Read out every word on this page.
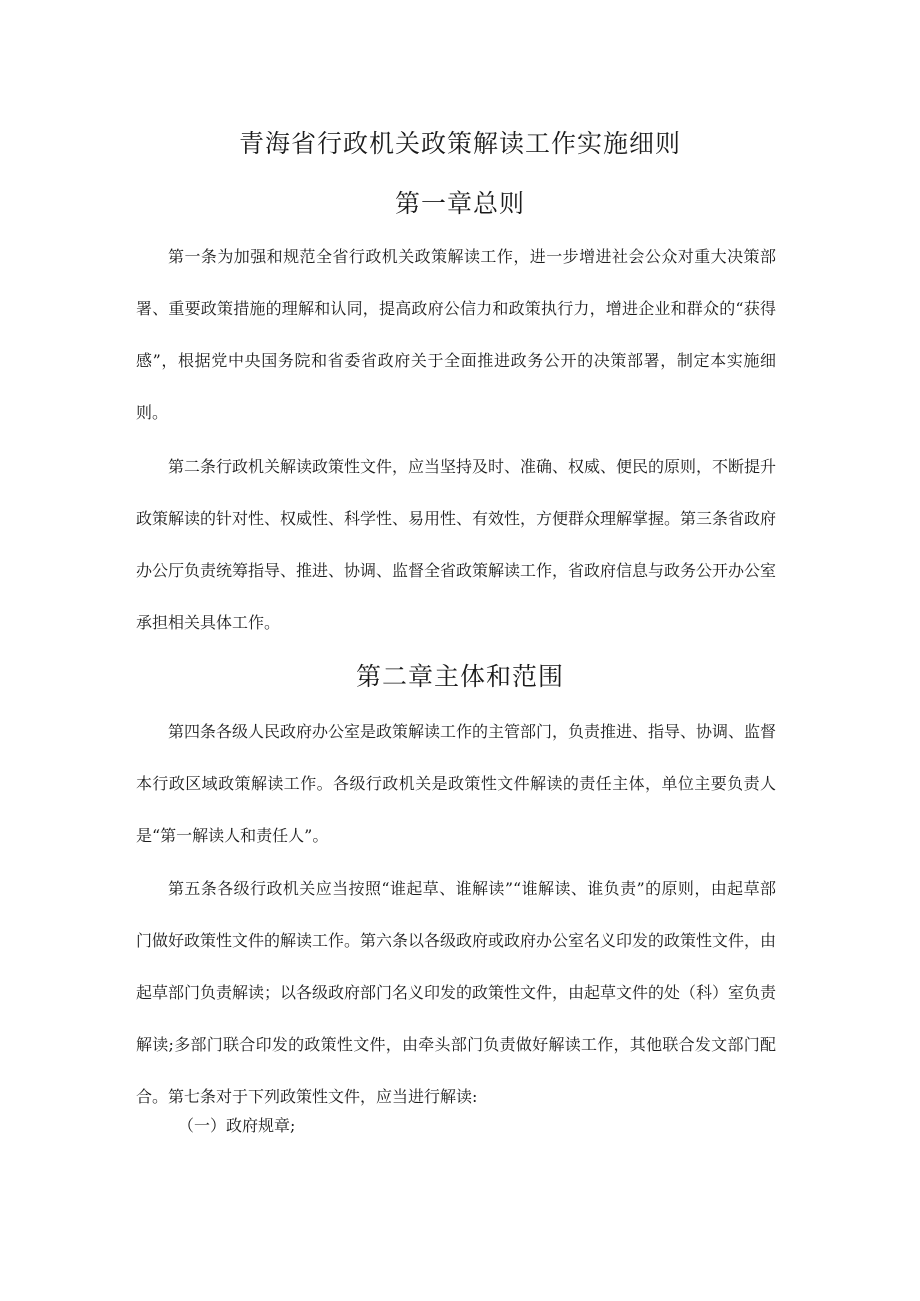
青海省行政机关政策解读工作实施细则
第一章总则

第一条为加强和规范全省行政机关政策解读工作，进一步增进社会公众对重大决策部署、重要政策措施的理解和认同，提高政府公信力和政策执行力，增进企业和群众的“获得感”，根据党中央国务院和省委省政府关于全面推进政务公开的决策部署，制定本实施细则。

第二条行政机关解读政策性文件，应当坚持及时、准确、权威、便民的原则，不断提升政策解读的针对性、权威性、科学性、易用性、有效性，方便群众理解掌握。第三条省政府办公厅负责统筹指导、推进、协调、监督全省政策解读工作，省政府信息与政务公开办公室承担相关具体工作。

第二章主体和范围

第四条各级人民政府办公室是政策解读工作的主管部门，负责推进、指导、协调、监督本行政区域政策解读工作。各级行政机关是政策性文件解读的责任主体，单位主要负责人是“第一解读人和责任人”。

第五条各级行政机关应当按照“谁起草、谁解读”“谁解读、谁负责”的原则，由起草部门做好政策性文件的解读工作。第六条以各级政府或政府办公室名义印发的政策性文件，由起草部门负责解读；以各级政府部门名义印发的政策性文件，由起草文件的处（科）室负责解读;多部门联合印发的政策性文件，由牵头部门负责做好解读工作，其他联合发文部门配合。第七条对于下列政策性文件，应当进行解读:

（一）政府规章;
